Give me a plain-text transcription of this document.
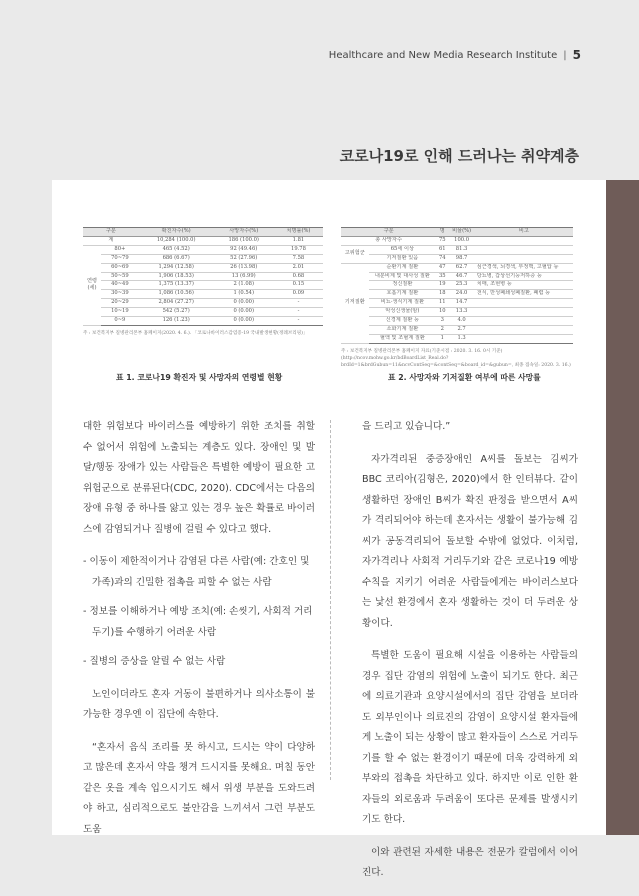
Healthcare and New Media Research Institute | 5
코로나19로 인해 드러나는 취약계층
구분		확진자수(%)	사망자수(%)	치명률(%)
계		10,284 (100.0)	186 (100.0)	1.81
연령 (세)	80+	465 (4.52)	92 (49.46)	19.78
	70~79	686 (6.67)	52 (27.96)	7.58
	60~69	1,294 (12.58)	26 (13.98)	2.01
	50~59	1,906 (18.53)	13 (6.99)	0.68
	40~49	1,375 (13.37)	2 (1.08)	0.15
	30~39	1,086 (10.56)	1 (0.54)	0.09
	20~29	2,804 (27.27)	0 (0.00)	-
	10~19	542 (5.27)	0 (0.00)	-
	0~9	126 (1.23)	0 (0.00)	-
주 : 보건복지부 질병관리본부 홈페이지(2020. 4. 6.). 「코로나바이러스감염증-19 국내발생현황(정례브리핑)」
구분		명	비율(%)	비고
총 사망자수		75	100.0	
고위험군	65세 이상	61	81.3	
	기저질환 있음	74	98.7	
기저질환	순환기계 질환	47	62.7	심근경색, 뇌경색, 부정맥, 고혈압 등
	내분비계 및 대사성 질환	35	46.7	당뇨병, 갑상선기능저하증 등
	정신질환	19	25.3	치매, 조현병 등
	호흡기계 질환	18	24.0	천식, 만성폐쇄성폐질환, 폐렴 등
	비뇨·생식기계 질환	11	14.7	
	악성신생물(암)	10	13.3	
	신경계 질환 등	3	4.0	
	소화기계 질환	2	2.7	
	혈액 및 조혈계 질환	1	1.3	
주 : 보건복지부 질병관리본부 홈페이지 자료(기준시점 : 2020. 3. 16. 0시 기준)(http://ncov.mohw.go.kr/bdBoardList_Real.do?brdId=1&brdGubun=11&ncvContSeq=&contSeq=&board_id=&gubun=, 최종 접속일: 2020. 3. 16.)
표 1. 코로나19 확진자 및 사망자의 연령별 현황	표 2. 사망자와 기저질환 여부에 따른 사망률

대한 위험보다 바이러스를 예방하기 위한 조치를 취할 수 없어서 위험에 노출되는 계층도 있다. 장애인 및 발달/행동 장애가 있는 사람들은 특별한 예방이 필요한 고위험군으로 분류된다(CDC, 2020). CDC에서는 다음의 장애 유형 중 하나를 앓고 있는 경우 높은 확률로 바이러스에 감염되거나 질병에 걸릴 수 있다고 했다.

- 이동이 제한적이거나 감염된 다른 사람(예: 간호인 및 가족)과의 긴밀한 접촉을 피할 수 없는 사람
- 정보를 이해하거나 예방 조치(예: 손씻기, 사회적 거리 두기)를 수행하기 어려운 사람
- 질병의 증상을 알릴 수 없는 사람

노인이더라도 혼자 거동이 불편하거나 의사소통이 불가능한 경우엔 이 집단에 속한다.

“혼자서 음식 조리를 못 하시고, 드시는 약이 다양하고 많은데 혼자서 약을 챙겨 드시지를 못해요. 며칠 동안 같은 옷을 계속 입으시기도 해서 위생 부분을 도와드려야 하고, 심리적으로도 불안감을 느끼셔서 그런 부분도 도움

을 드리고 있습니다.”

자가격리된 중증장애인 A씨를 돌보는 김씨가 BBC 코리아(김형은, 2020)에서 한 인터뷰다. 같이 생활하던 장애인 B씨가 확진 판정을 받으면서 A씨가 격리되어야 하는데 혼자서는 생활이 불가능해 김씨가 공동격리되어 돌보할 수밖에 없었다. 이처럼, 자가격리나 사회적 거리두기와 같은 코로나19 예방수칙을 지키기 어려운 사람들에게는 바이러스보다는 낯선 환경에서 혼자 생활하는 것이 더 두려운 상황이다.

특별한 도움이 필요해 시설을 이용하는 사람들의 경우 집단 감염의 위험에 노출이 되기도 한다. 최근에 의료기관과 요양시설에서의 집단 감염을 보더라도 외부인이나 의료진의 감염이 요양시설 환자들에게 노출이 되는 상황이 많고 환자들이 스스로 거리두기를 할 수 없는 환경이기 때문에 더욱 강력하게 외부와의 접촉을 차단하고 있다. 하지만 이로 인한 환자들의 외로움과 두려움이 또다른 문제를 발생시키기도 한다.

이와 관련된 자세한 내용은 전문가 칼럼에서 이어진다.
